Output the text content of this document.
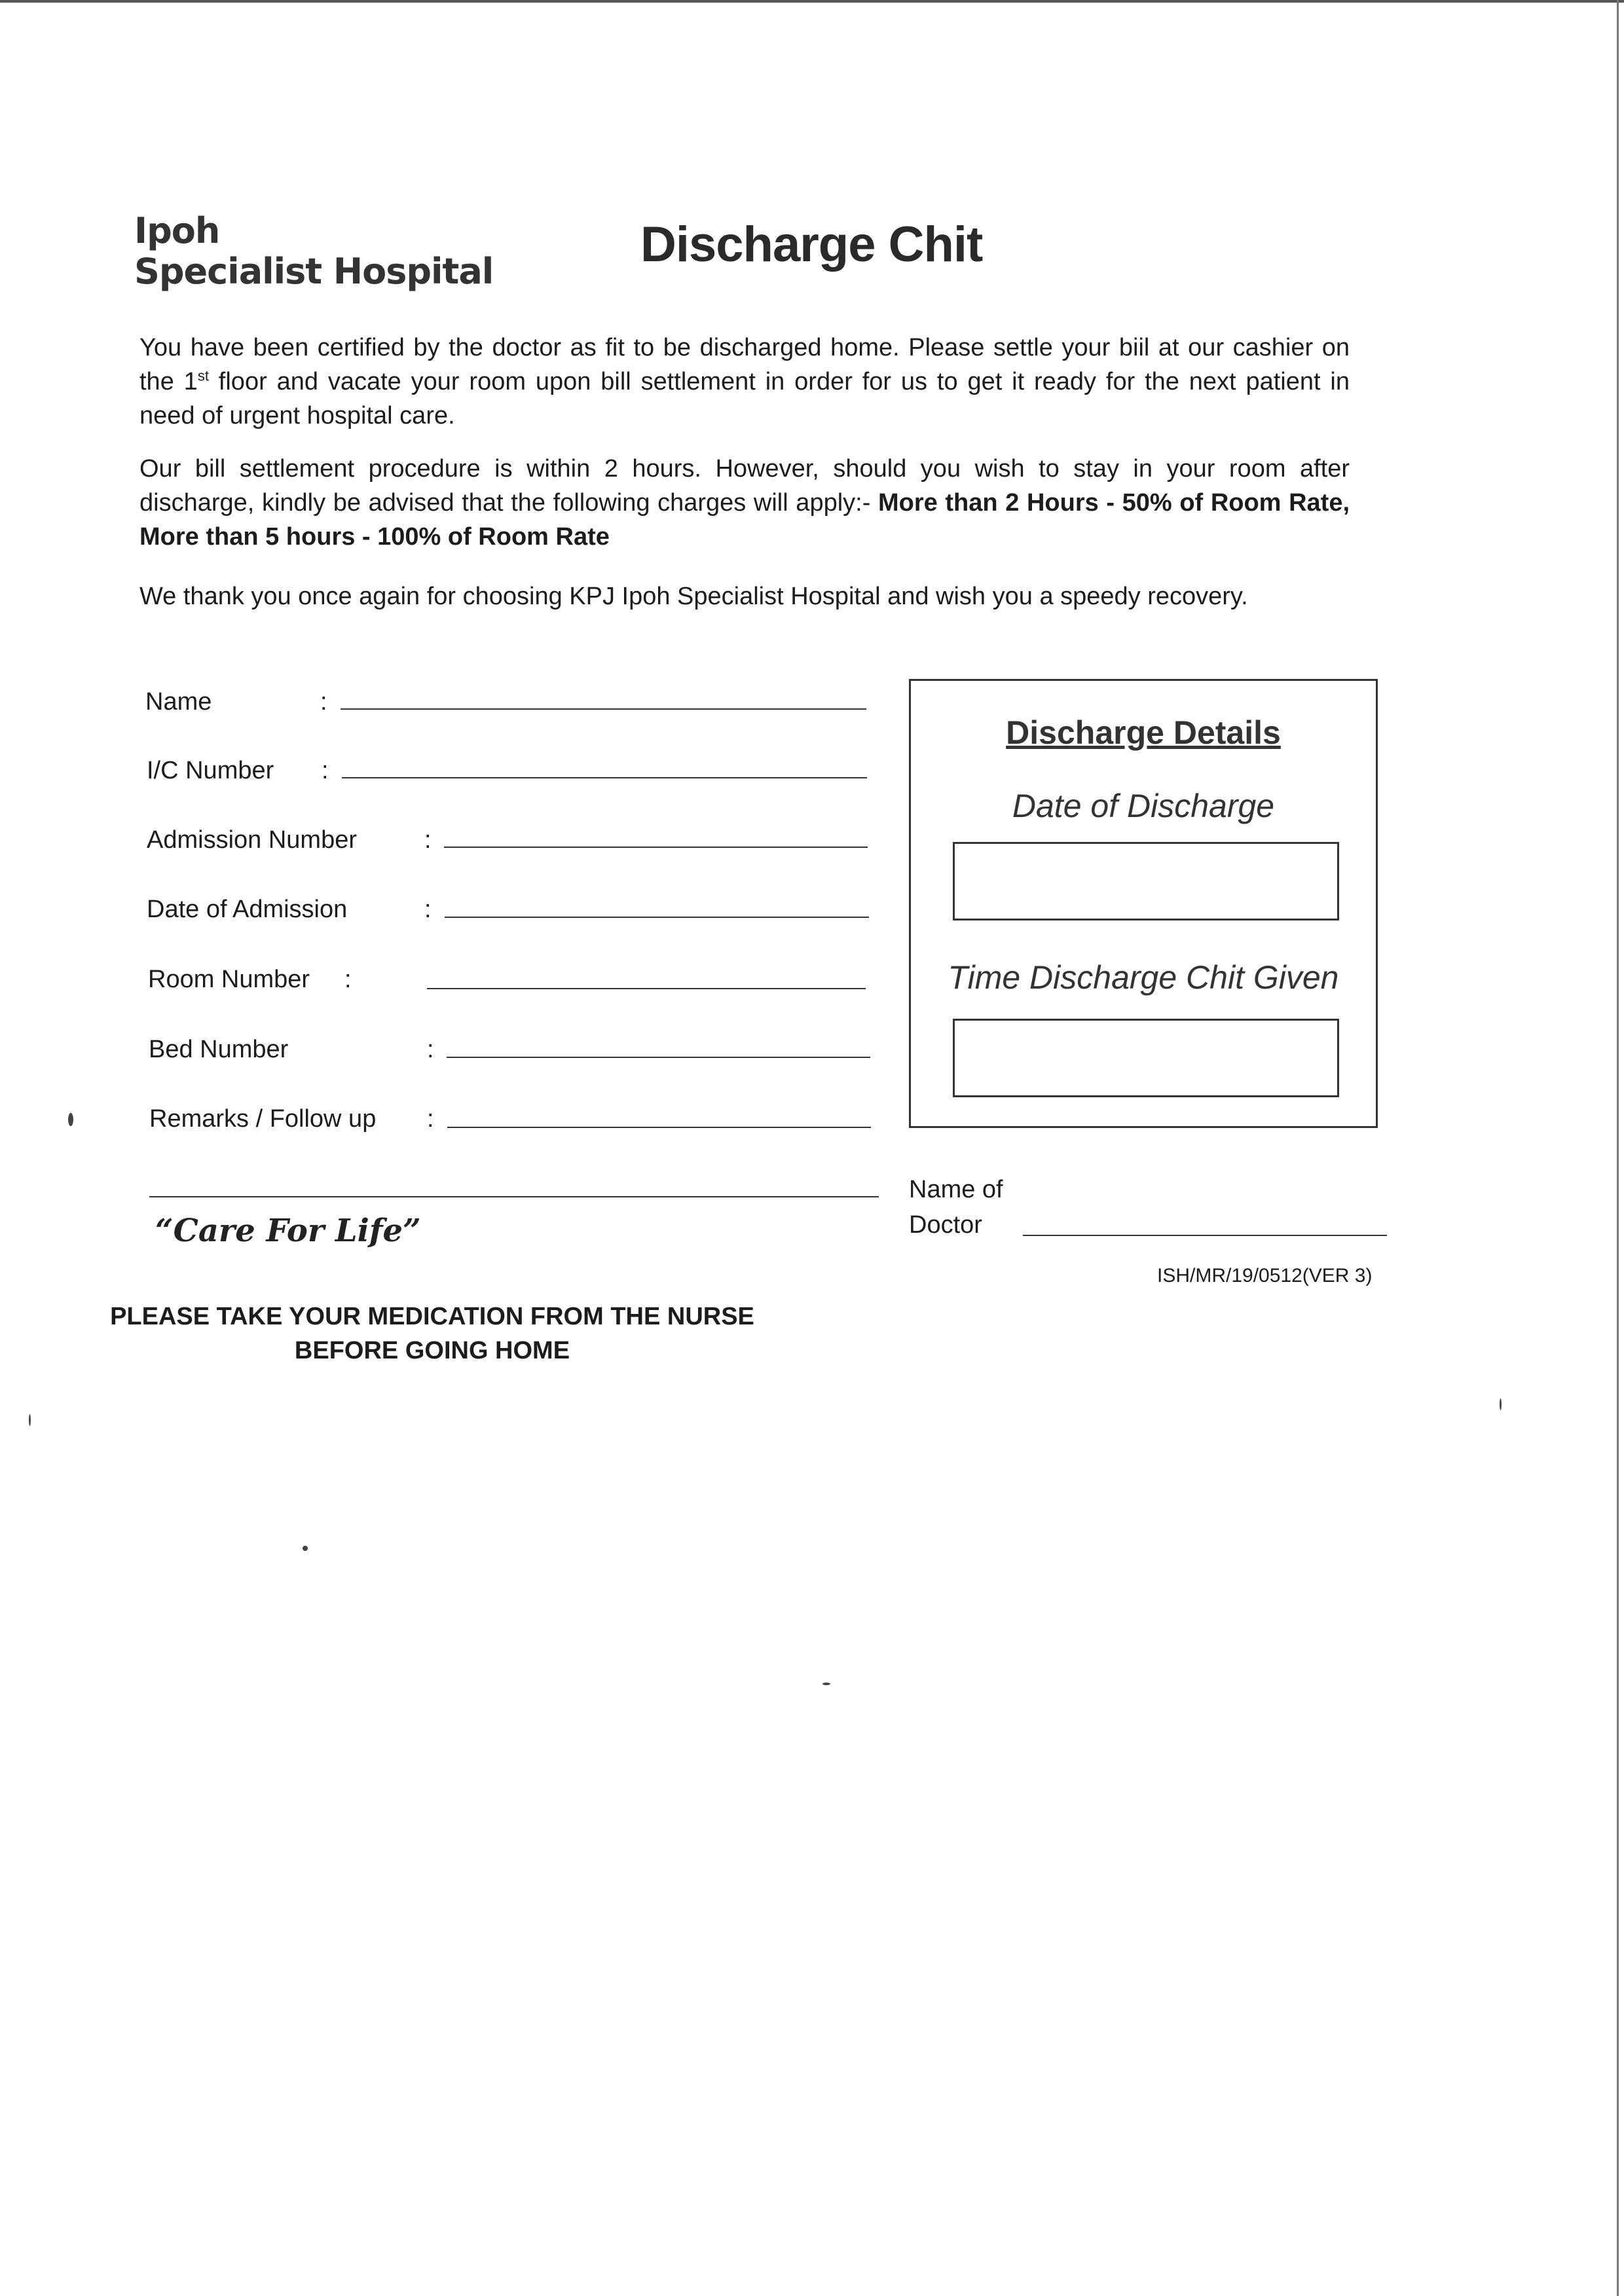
Ipoh
Specialist Hospital	Discharge Chit
You have been certified by the doctor as fit to be discharged home. Please settle your biil at our cashier on the 1st floor and vacate your room upon bill settlement in order for us to get it ready for the next patient in need of urgent hospital care.
Our bill settlement procedure is within 2 hours. However, should you wish to stay in your room after discharge, kindly be advised that the following charges will apply:- More than 2 Hours - 50% of Room Rate, More than 5 hours - 100% of Room Rate
We thank you once again for choosing KPJ Ipoh Specialist Hospital and wish you a speedy recovery.
Name	:
I/C Number :
Admission Number	:
Date of Admission	:
Room Number :
Bed Number	:
Remarks / Follow up :
Discharge Details
Date of Discharge
Time Discharge Chit Given
“Care For Life”
Name of Doctor
ISH/MR/19/0512(VER 3)
PLEASE TAKE YOUR MEDICATION FROM THE NURSE
BEFORE GOING HOME
